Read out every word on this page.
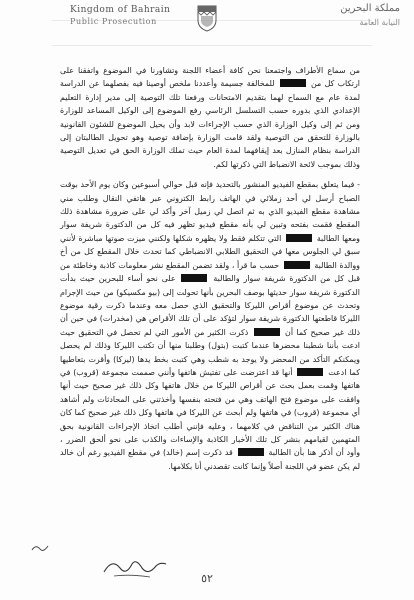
Kingdom of Bahrain
Public Prosecution
مملكة البحرين
النيابة العامة

من سماع الأطراف واجتمعنا نحن كافة أعضاء اللجنة وتشاورنا في الموضوع واتفقنا على ارتكاب كل من  للمخالفة جسيمة وأعددنا ملخص أوصينا فيه بفصلهما عن الدراسة لمدة عام مع السماح لهما بتقديم الامتحانات ورفعنا تلك التوصية إلى مدير إدارة التعليم الإعدادي الذي بدوره حسب التسلسل الرئاسي رفع الموضوع إلى الوكيل المساعد للوزارة ومن ثم إلى وكيل الوزارة الذي حسب الإجراءات لابد وأن يحيل الموضوع للشئون القانونية بالوزارة للتحقق من التوصية ولقد قامت الوزارة بإضافة توصية وهو تحويل الطالبتان إلى الدراسة بنظام المنازل بعد إيقافهما لمدة العام حيث تملك الوزارة الحق في تعديل التوصية وذلك بموجب لائحة الانضباط التي ذكرتها لكم.

- فيما يتعلق بمقطع الفيديو المنشور بالتحديد فإنه قبل حوالي أسبوعين وكان يوم الأحد بوقت الصباح أرسل لي أحد زملائي في الهاتف رابط الكتروني عبر هاتفي النقال وطلب مني مشاهدة مقطع الفيديو الذي به ثم اتصل لي زميل آخر وأكد لي على ضرورة مشاهدة ذلك المقطع فقمت بفتحه وتبين لي بأنه مقطع فيديو تظهر فيه كل من الدكتورة شريفة سوار ومعها الطالبة  التي تتكلم فقط ولا يظهره شكلها ولكنني ميزت صوتها مباشرة لأنني سبق لي الجلوس معها في التحقيق الطلابي الانضباطي كما تحدث خلال المقطع كل من أخ ووالدة الطالبة  حسب ما قرأ ، ولقد تضمن المقطع نشر معلومات كاذبة وخاطئة من قبل كل من الدكتورة شريفة سوار والطالبة  على نحو أساء للبحرين حيث بدأت الدكتورة شريفة سوار حديثها بوصف البحرين بأنها تحولت إلى (بيو مكسيكو) من حيث الإجرام وتحدث عن موضوع أقراص الليركا والتحقيق الذي حصل معه وعندما ذكرت رقية موضوع الليركا قاطعتها الدكتورة شريفة سوار لتؤكد على أن تلك الأقراص هي (مخدرات) في حين أن ذلك غير صحيح كما أن  ذكرت الكثير من الأمور التي لم تحصل في التحقيق حيث ادعت بأننا شطبنا محضرها عندما كتبت (بتول) وطلبنا منها أن تكتب الليركا وذلك لم يحصل ويمكنكم التأكد من المحضر ولا يوجد به شطب وهي كتبت بخط يدها (ليركا) وأقرت بتعاطيها كما ادعت  أنها قد اعترضت على تفتيش هاتفها وأنني صممت مجموعة (قروب) في هاتفها وقمت بعمل بحث عن أقراص الليركا من خلال هاتفها وكل ذلك غير صحيح حيث أنها وافقت على موضوع فتح الهاتف وهي من فتحته بنفسها وأخذتني على المحادثات ولم أشاهد أي مجموعة (قروب) في هاتفها ولم أبحث عن الليركا في هاتفها وكل ذلك غير صحيح كما كان هناك الكثير من التناقض في كلامهما ، وعليه فإنني أطلب اتخاذ الإجراءات القانونية بحق المتهمين لقيامهم بنشر كل تلك الأخبار الكاذبة والإساءات والكذب على نحو ألحق الضرر ، وأود أن أذكر هنا بأن الطالبة  قد ذكرت إسم (خالد) في مقطع الفيديو رغم أن خالد لم يكن عضو في اللجنة أصلاً وإنما كانت تقصدني أنا بكلامها.

٥٢
